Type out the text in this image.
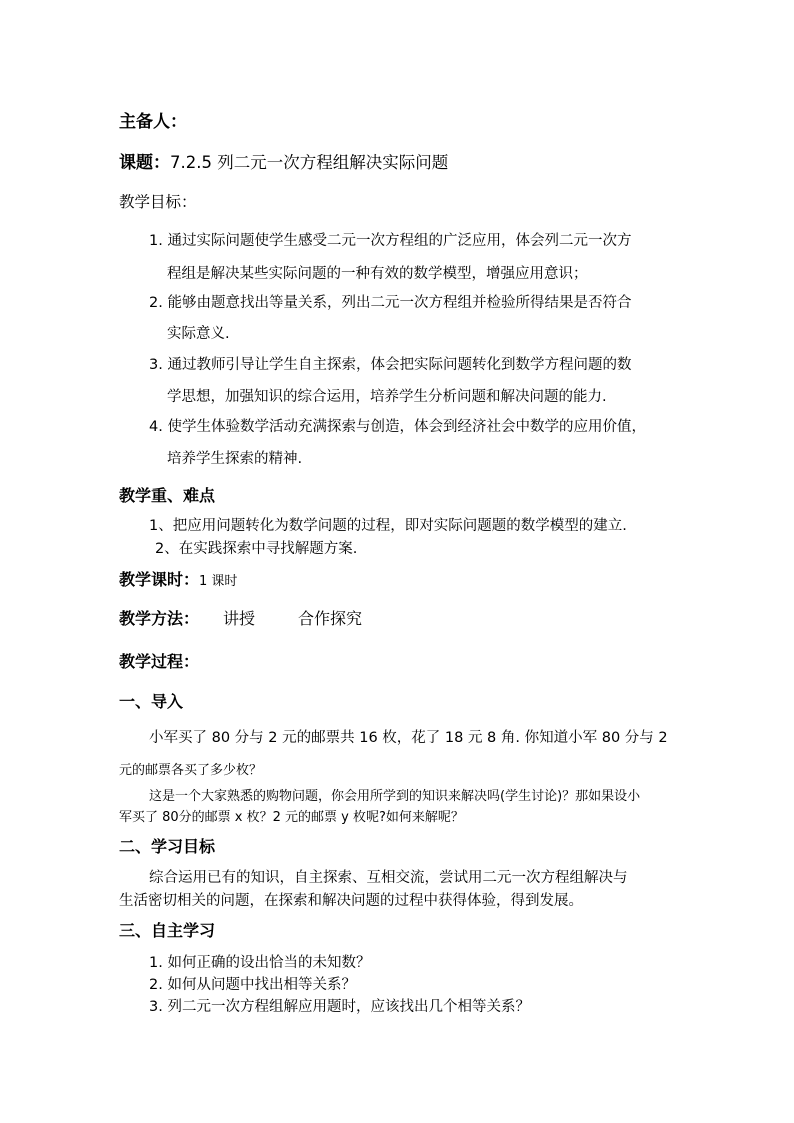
主备人：
课题：7.2.5 列二元一次方程组解决实际问题
教学目标：
1. 通过实际问题使学生感受二元一次方程组的广泛应用，体会列二元一次方
程组是解决某些实际问题的一种有效的数学模型，增强应用意识；
2. 能够由题意找出等量关系，列出二元一次方程组并检验所得结果是否符合
实际意义.
3. 通过教师引导让学生自主探索，体会把实际问题转化到数学方程问题的数
学思想，加强知识的综合运用，培养学生分析问题和解决问题的能力.
4. 使学生体验数学活动充满探索与创造，体会到经济社会中数学的应用价值，
培养学生探索的精神.
教学重、难点
1、把应用问题转化为数学问题的过程，即对实际问题题的数学模型的建立.
2、在实践探索中寻找解题方案.
教学课时：1 课时
教学方法： 讲授	合作探究
教学过程：
一、导入
小军买了 80 分与 2 元的邮票共 16 枚，花了 18 元 8 角. 你知道小军 80 分与 2
元的邮票各买了多少枚？
这是一个大家熟悉的购物问题，你会用所学到的知识来解决吗(学生讨论)？那如果设小
军买了 80分的邮票 x 枚？2 元的邮票 y 枚呢?如何来解呢？
二、学习目标
综合运用已有的知识，自主探索、互相交流，尝试用二元一次方程组解决与
生活密切相关的问题，在探索和解决问题的过程中获得体验，得到发展。
三、自主学习
1. 如何正确的设出恰当的未知数？
2. 如何从问题中找出相等关系？
3. 列二元一次方程组解应用题时，应该找出几个相等关系？
